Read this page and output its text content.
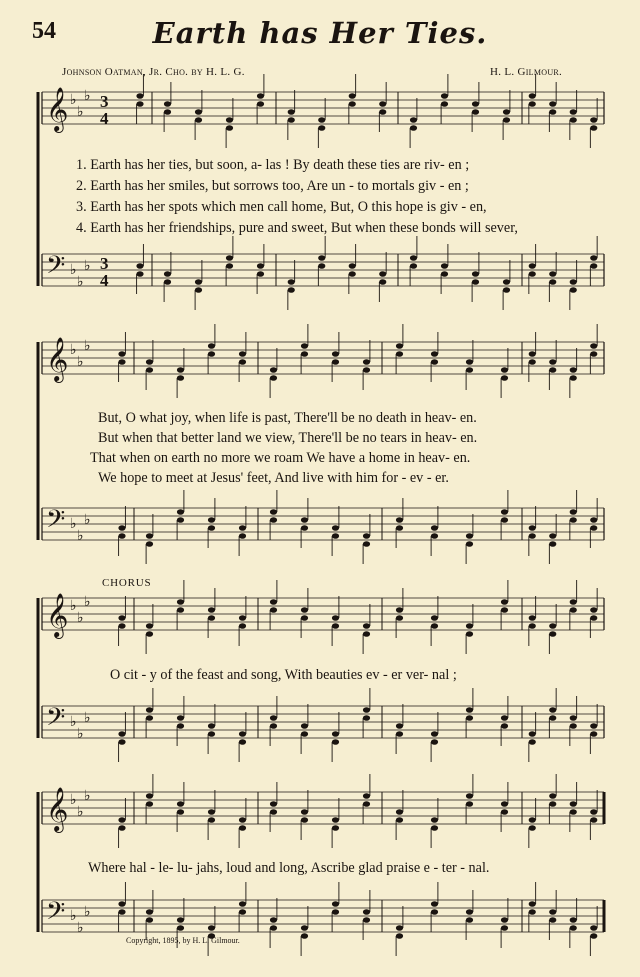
54	Earth has Her Ties.
Johnson Oatman, Jr. Cho. by H. L. G.	H. L. Gilmour.
𝄞 ♭
♭
♭
𝄢 ♭
♭
♭
𝄞 ♭
♭
♭
𝄢 ♭
♭
♭
𝄞 ♭
♭
♭
𝄢 ♭
♭
♭
𝄞 ♭
♭
♭
𝄢 ♭
♭
♭
3
4
3
4
1. Earth has her ties, but soon, a- las ! By death these ties are riv- en ;
2. Earth has her smiles, but sorrows too, Are un - to mortals giv - en ;
3. Earth has her spots which men call home, But, O this hope is giv - en,
4. Earth has her friendships, pure and sweet, But when these bonds will sever,
But, O what joy, when life is past, There'll be no death in heav- en.
But when that better land we view, There'll be no tears in heav- en.
That when on earth no more we roam We have a home in heav- en.
We hope to meet at Jesus' feet, And live with him for - ev - er.
CHORUS
O cit - y of the feast and song, With beauties ev - er ver- nal ;
Where hal - le- lu- jahs, loud and long, Ascribe glad praise e - ter - nal.
Copyright, 1895, by H. L. Gilmour.
